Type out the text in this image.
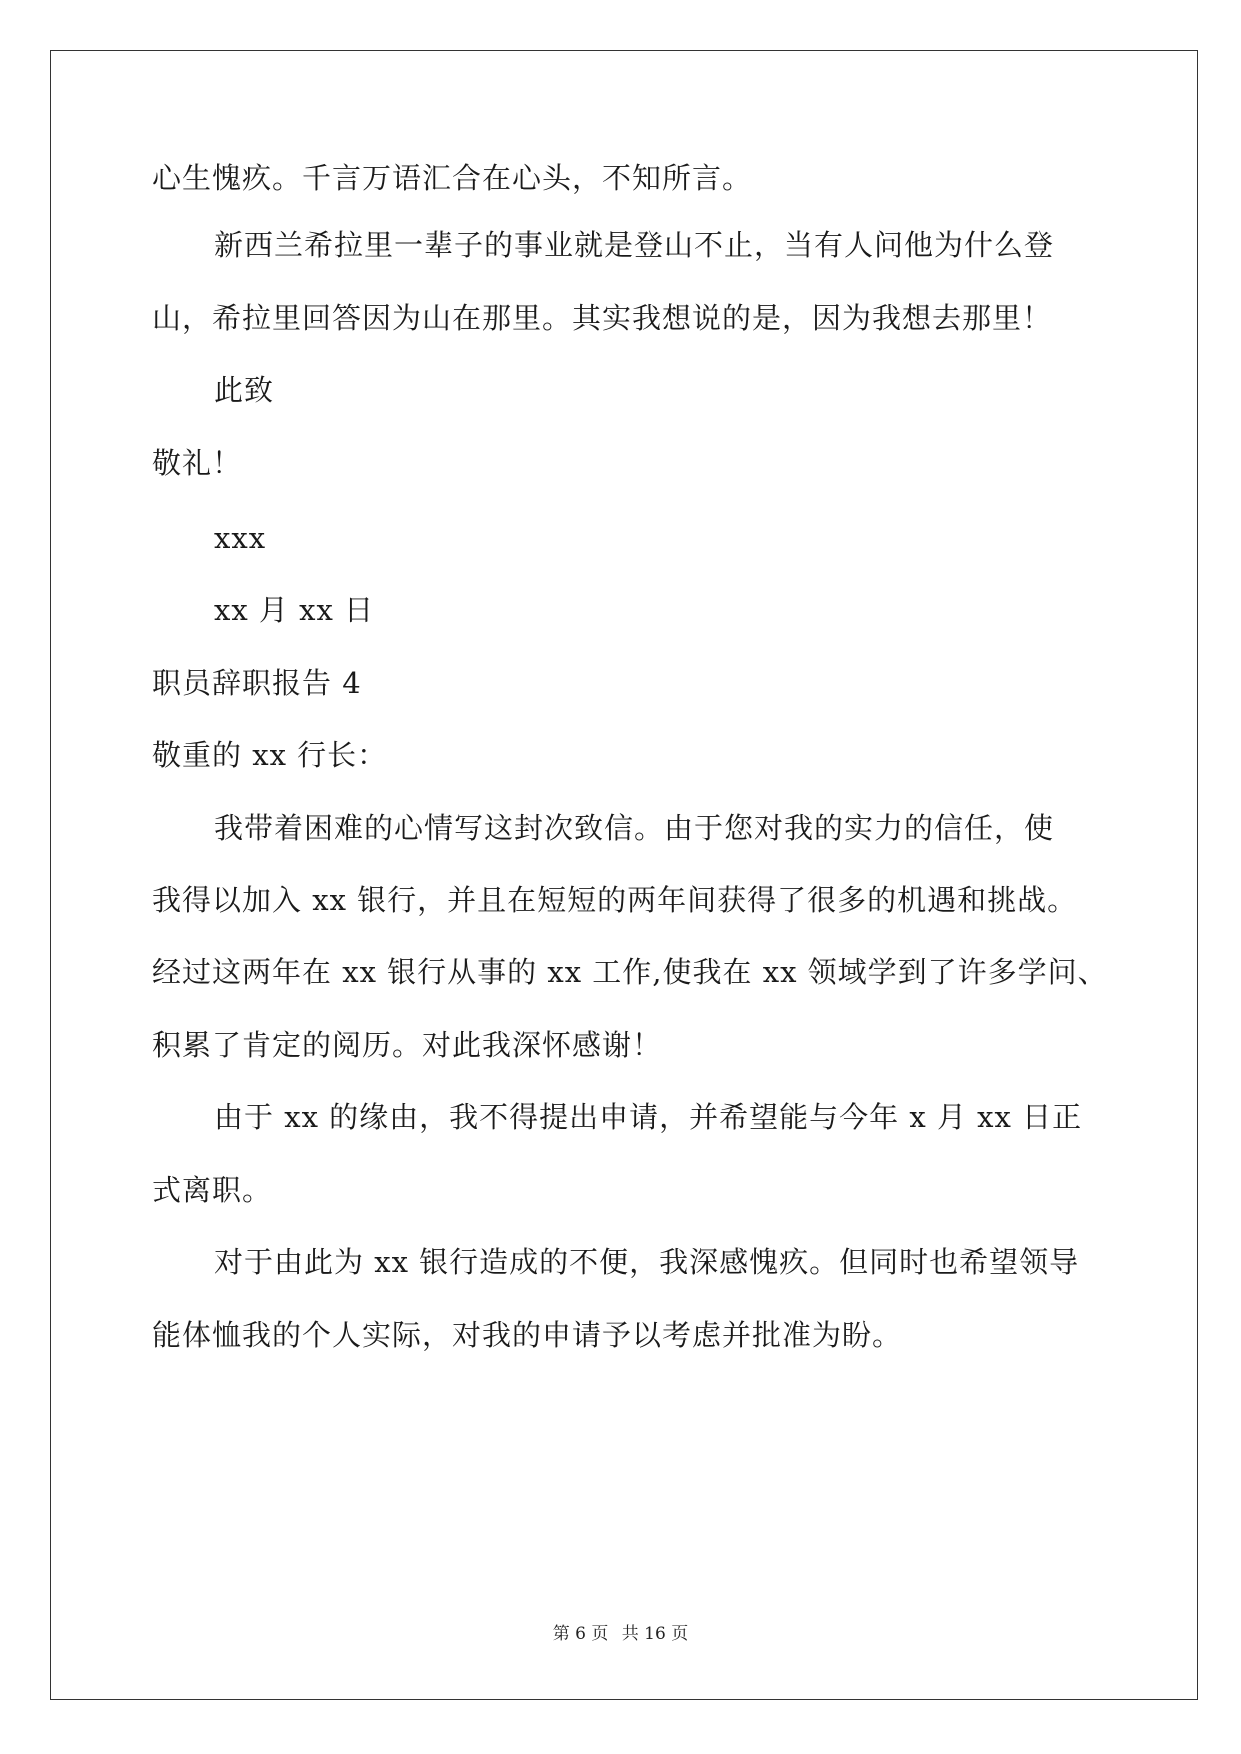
心生愧疚。千言万语汇合在心头，不知所言。
新西兰希拉里一辈子的事业就是登山不止，当有人问他为什么登
山，希拉里回答因为山在那里。其实我想说的是，因为我想去那里！
此致
敬礼！
xxx
xx 月 xx 日
职员辞职报告 4
敬重的 xx 行长：
我带着困难的心情写这封次致信。由于您对我的实力的信任，使
我得以加入 xx 银行，并且在短短的两年间获得了很多的机遇和挑战。
经过这两年在 xx 银行从事的 xx 工作,使我在 xx 领域学到了许多学问、
积累了肯定的阅历。对此我深怀感谢！
由于 xx 的缘由，我不得提出申请，并希望能与今年 x 月 xx 日正
式离职。
对于由此为 xx 银行造成的不便，我深感愧疚。但同时也希望领导
能体恤我的个人实际，对我的申请予以考虑并批准为盼。
第 6 页 共 16 页
